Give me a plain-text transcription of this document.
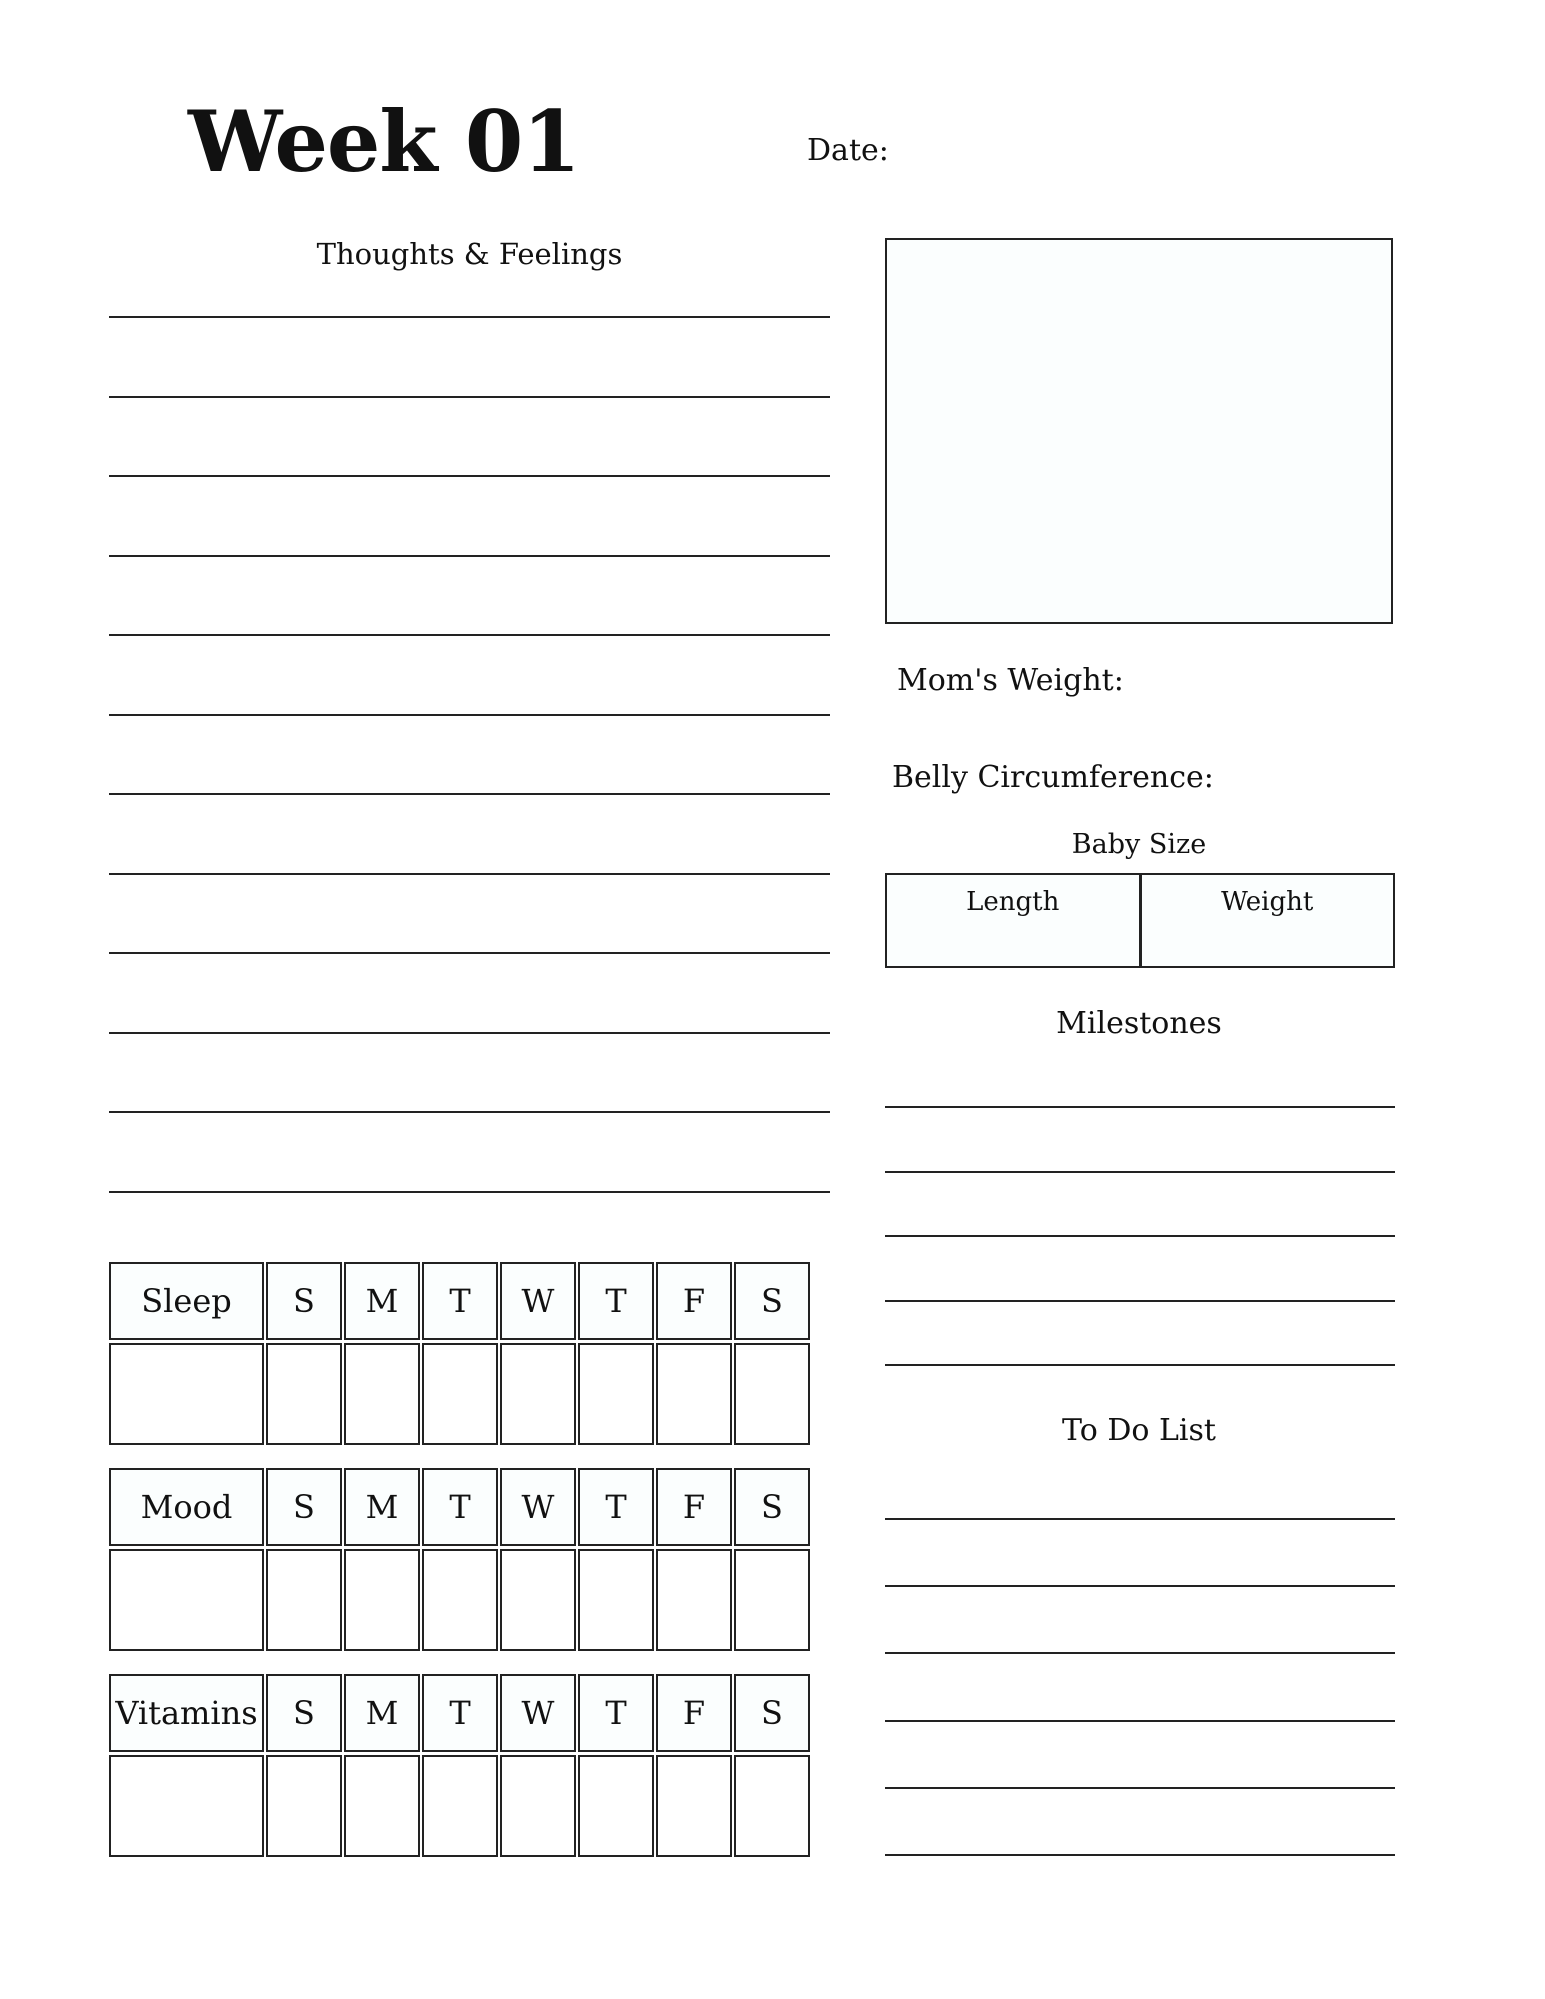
Week 01	Date:
Thoughts & Feelings
Mom's Weight:
Belly Circumference:
Baby Size
Length	Weight
Milestones
To Do List
Sleep	S	M	T	W	T	F	S

Mood	S	M	T	W	T	F	S

Vitamins	S	M	T	W	T	F	S
